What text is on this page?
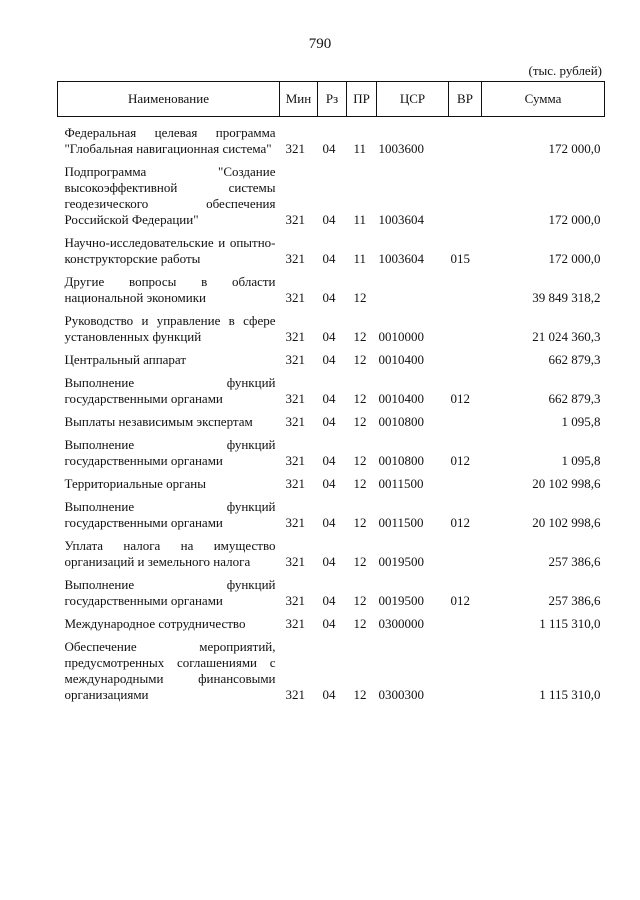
790
(тыс. рублей)
Наименование	Мин	Рз	ПР	ЦСР	ВР	Сумма
Федеральная целевая программа "Глобальная навигационная система"	321	04	11	1003600		172 000,0
Подпрограмма "Создание высокоэффективной системы геодезического обеспечения Российской Федерации"	321	04	11	1003604		172 000,0
Научно-исследовательские и опытно-конструкторские работы	321	04	11	1003604	015	172 000,0
Другие вопросы в области национальной экономики	321	04	12			39 849 318,2
Руководство и управление в сфере установленных функций	321	04	12	0010000		21 024 360,3
Центральный аппарат	321	04	12	0010400		662 879,3
Выполнение функций государственными органами	321	04	12	0010400	012	662 879,3
Выплаты независимым экспертам	321	04	12	0010800		1 095,8
Выполнение функций государственными органами	321	04	12	0010800	012	1 095,8
Территориальные органы	321	04	12	0011500		20 102 998,6
Выполнение функций государственными органами	321	04	12	0011500	012	20 102 998,6
Уплата налога на имущество организаций и земельного налога	321	04	12	0019500		257 386,6
Выполнение функций государственными органами	321	04	12	0019500	012	257 386,6
Международное сотрудничество	321	04	12	0300000		1 115 310,0
Обеспечение мероприятий, предусмотренных соглашениями с международными финансовыми организациями	321	04	12	0300300		1 115 310,0
